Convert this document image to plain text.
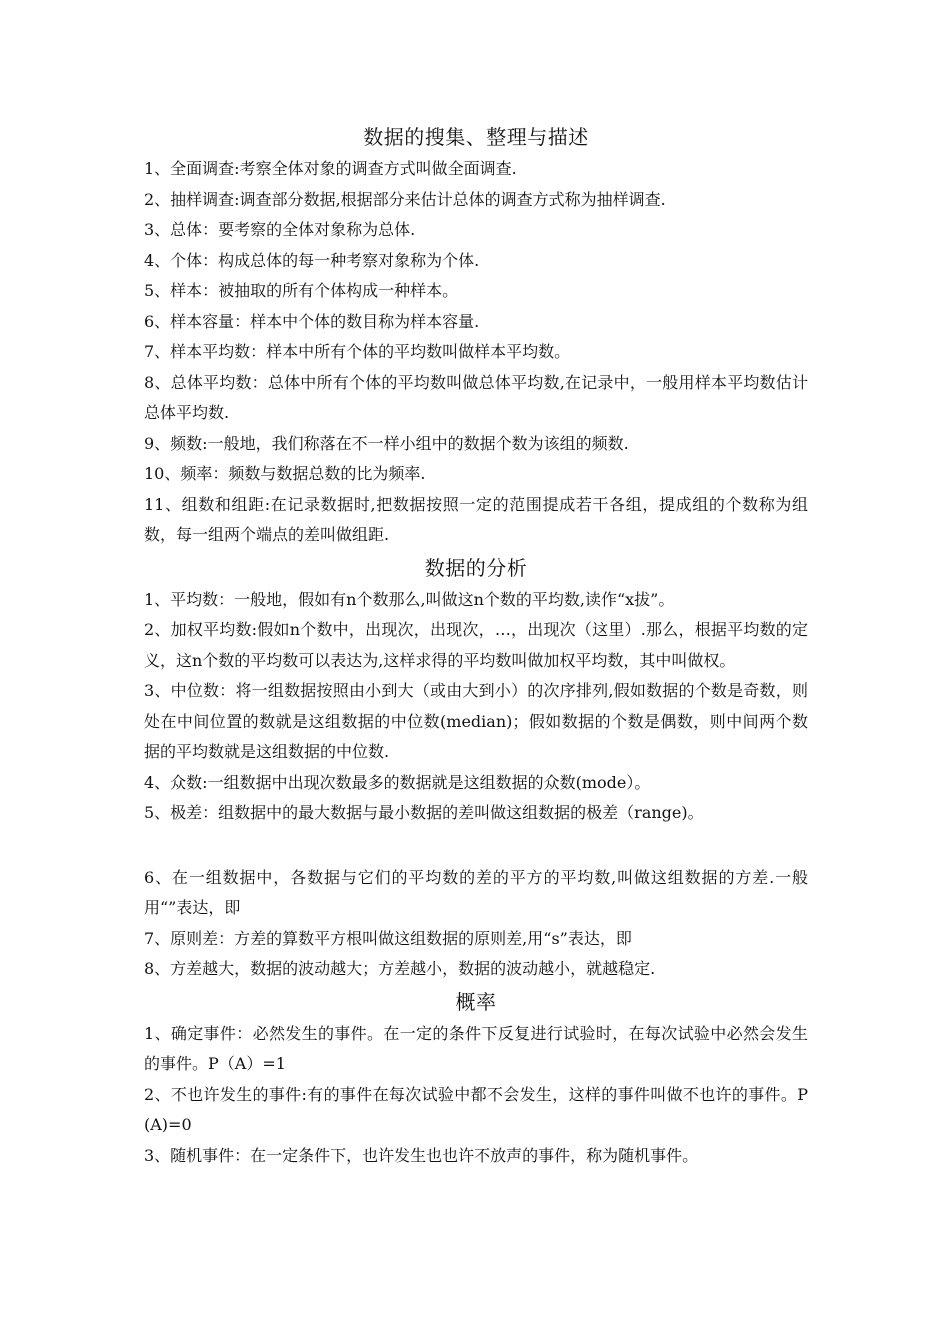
数据的搜集、整理与描述

1、全面调查:考察全体对象的调查方式叫做全面调查.

2、抽样调查:调查部分数据,根据部分来估计总体的调查方式称为抽样调查.

3、总体：要考察的全体对象称为总体.

4、个体：构成总体的每一种考察对象称为个体.

5、样本：被抽取的所有个体构成一种样本。

6、样本容量：样本中个体的数目称为样本容量.

7、样本平均数：样本中所有个体的平均数叫做样本平均数。

8、总体平均数：总体中所有个体的平均数叫做总体平均数,在记录中，一般用样本平均数估计总体平均数.

9、频数:一般地，我们称落在不一样小组中的数据个数为该组的频数.

10、频率：频数与数据总数的比为频率.

11、组数和组距:在记录数据时,把数据按照一定的范围提成若干各组，提成组的个数称为组数，每一组两个端点的差叫做组距.

数据的分析

1、平均数：一般地，假如有n个数那么,叫做这n个数的平均数,读作“x拔”。

2、加权平均数:假如n个数中，出现次，出现次，…，出现次（这里）.那么，根据平均数的定义，这n个数的平均数可以表达为,这样求得的平均数叫做加权平均数，其中叫做权。

3、中位数：将一组数据按照由小到大（或由大到小）的次序排列,假如数据的个数是奇数，则处在中间位置的数就是这组数据的中位数(median)；假如数据的个数是偶数，则中间两个数据的平均数就是这组数据的中位数.

4、众数:一组数据中出现次数最多的数据就是这组数据的众数(mode）。

5、极差：组数据中的最大数据与最小数据的差叫做这组数据的极差（range)。

6、在一组数据中，各数据与它们的平均数的差的平方的平均数,叫做这组数据的方差.一般用“”表达，即

7、原则差：方差的算数平方根叫做这组数据的原则差,用“s”表达，即

8、方差越大，数据的波动越大；方差越小，数据的波动越小，就越稳定.

概率

1、确定事件：必然发生的事件。在一定的条件下反复进行试验时，在每次试验中必然会发生的事件。P（A）=1

2、不也许发生的事件:有的事件在每次试验中都不会发生，这样的事件叫做不也许的事件。P(A)=0

3、随机事件：在一定条件下，也许发生也也许不放声的事件，称为随机事件。
